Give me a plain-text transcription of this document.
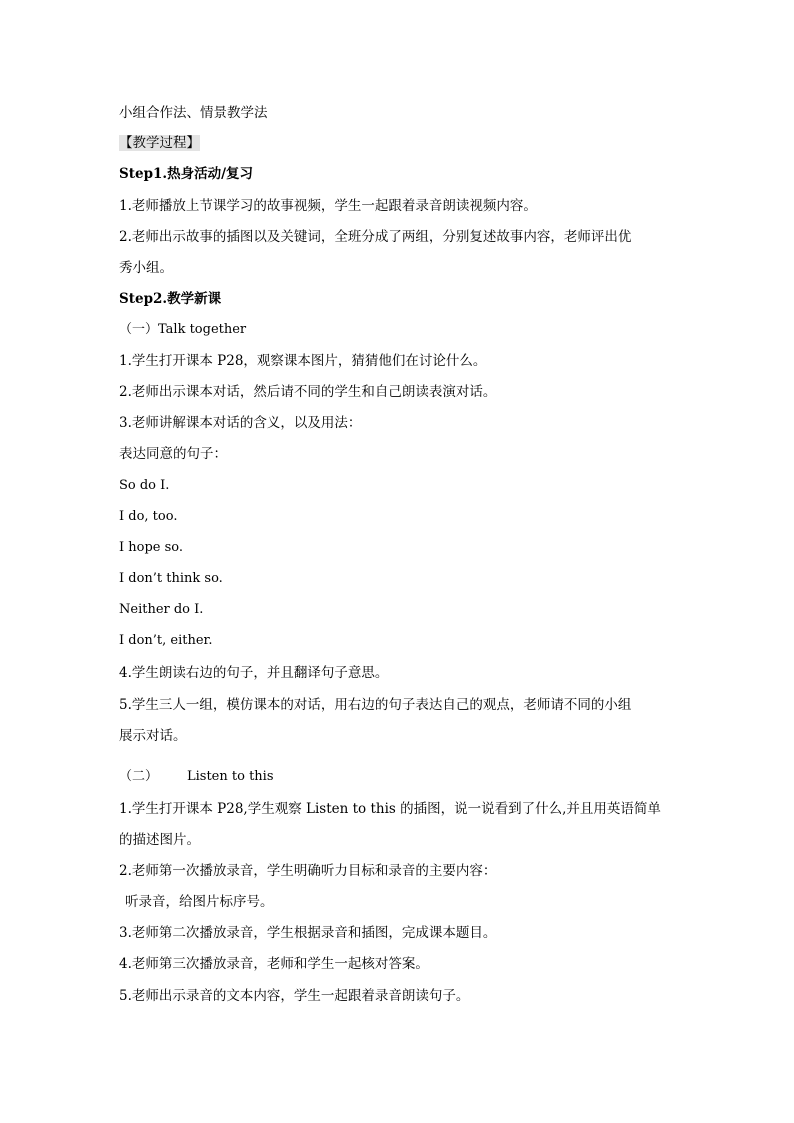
小组合作法、情景教学法
【教学过程】
Step1.热身活动/复习
1.老师播放上节课学习的故事视频，学生一起跟着录音朗读视频内容。
2.老师出示故事的插图以及关键词，全班分成了两组，分别复述故事内容，老师评出优
秀小组。
Step2.教学新课
（一）Talk together
1.学生打开课本 P28，观察课本图片，猜猜他们在讨论什么。
2.老师出示课本对话，然后请不同的学生和自己朗读表演对话。
3.老师讲解课本对话的含义，以及用法：
表达同意的句子：
So do I.
I do, too.
I hope so.
I don’t think so.
Neither do I.
I don’t, either.
4.学生朗读右边的句子，并且翻译句子意思。
5.学生三人一组，模仿课本的对话，用右边的句子表达自己的观点，老师请不同的小组
展示对话。
（二） Listen to this
1.学生打开课本 P28,学生观察 Listen to this 的插图，说一说看到了什么,并且用英语简单
的描述图片。
2.老师第一次播放录音，学生明确听力目标和录音的主要内容：
听录音，给图片标序号。
3.老师第二次播放录音，学生根据录音和插图，完成课本题目。
4.老师第三次播放录音，老师和学生一起核对答案。
5.老师出示录音的文本内容，学生一起跟着录音朗读句子。
